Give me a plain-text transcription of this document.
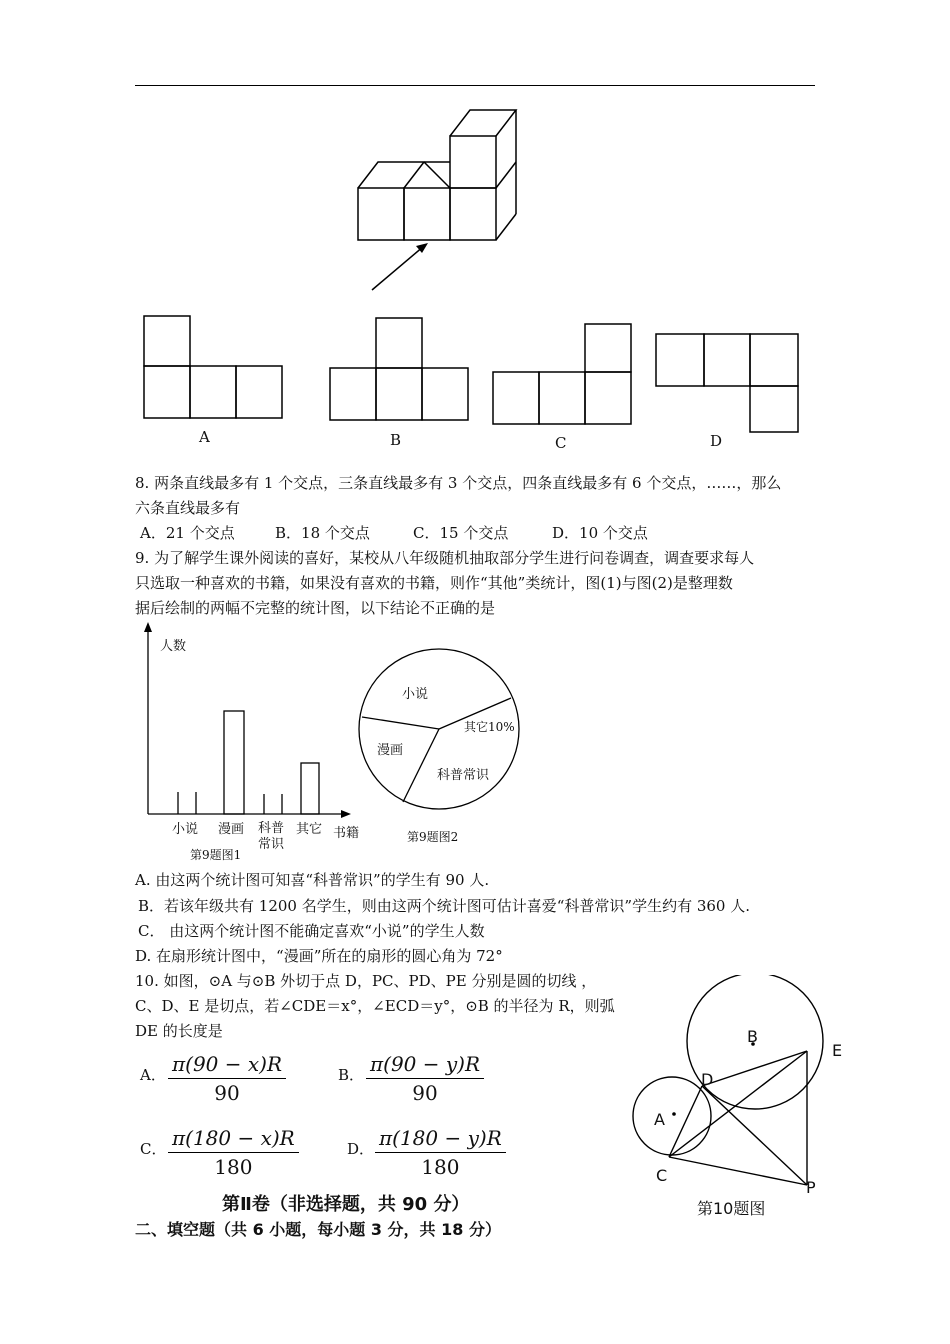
A	B	C	D
8. 两条直线最多有 1 个交点，三条直线最多有 3 个交点，四条直线最多有 6 个交点，……，那么
六条直线最多有
A．21 个交点	B．18 个交点	C．15 个交点	D．10 个交点
9. 为了解学生课外阅读的喜好，某校从八年级随机抽取部分学生进行问卷调查，调查要求每人
只选取一种喜欢的书籍，如果没有喜欢的书籍，则作“其他”类统计，图(1)与图(2)是整理数
据后绘制的两幅不完整的统计图，以下结论不正确的是
人数
小说 漫画 科普
常识
其它 书籍
第9题图1
小说
漫画
其它10%
科普常识
第9题图2
A. 由这两个统计图可知喜“科普常识”的学生有 90 人.
B．若该年级共有 1200 名学生，则由这两个统计图可估计喜爱“科普常识”学生约有 360 人.
C． 由这两个统计图不能确定喜欢“小说”的学生人数
D. 在扇形统计图中，“漫画”所在的扇形的圆心角为 72°
10. 如图，⊙A 与⊙B 外切于点 D，PC、PD、PE 分别是圆的切线 ，
C、D、E 是切点，若∠CDE＝x°，∠ECD＝y°，⊙B 的半径为 R，则弧
DE 的长度是
A． $\frac{\pi(90 - x)R}{90}$	B． $\frac{\pi(90 - y)R}{90}$
C． $\frac{\pi(180 - x)R}{180}$	D． $\frac{\pi(180 - y)R}{180}$
B
A
D
E
C
P
第10题图
第Ⅱ卷（非选择题，共 90 分）
二、填空题（共 6 小题，每小题 3 分，共 18 分）
